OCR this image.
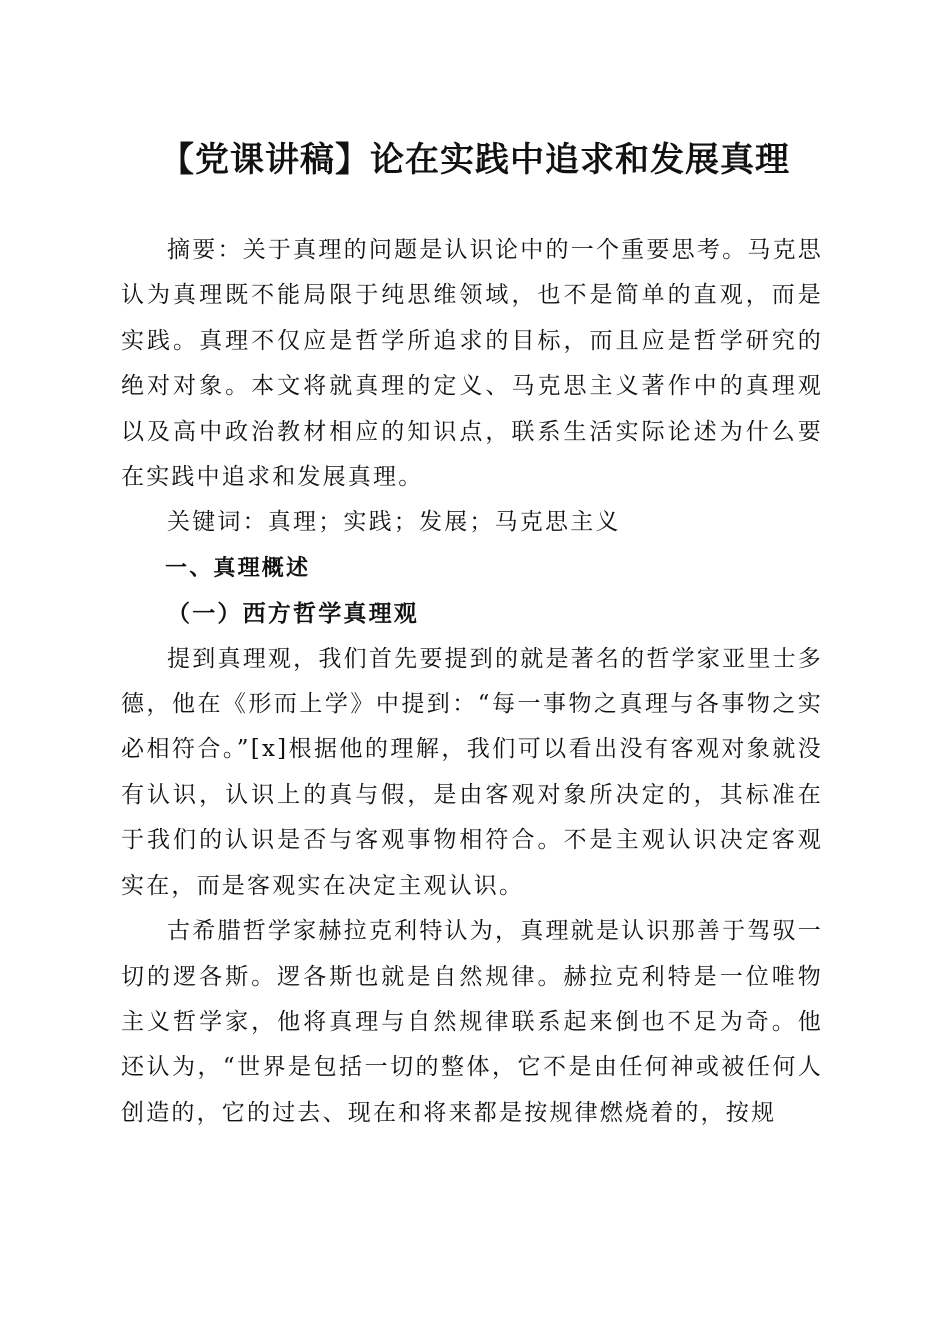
【党课讲稿】论在实践中追求和发展真理

摘要：关于真理的问题是认识论中的一个重要思考。马克思认为真理既不能局限于纯思维领域，也不是简单的直观，而是实践。真理不仅应是哲学所追求的目标，而且应是哲学研究的绝对对象。本文将就真理的定义、马克思主义著作中的真理观以及高中政治教材相应的知识点，联系生活实际论述为什么要在实践中追求和发展真理。

关键词：真理；实践；发展；马克思主义

一、真理概述

（一）西方哲学真理观

提到真理观，我们首先要提到的就是著名的哲学家亚里士多德，他在《形而上学》中提到：“每一事物之真理与各事物之实必相符合。”[x]根据他的理解，我们可以看出没有客观对象就没有认识，认识上的真与假，是由客观对象所决定的，其标准在于我们的认识是否与客观事物相符合。不是主观认识决定客观实在，而是客观实在决定主观认识。

古希腊哲学家赫拉克利特认为，真理就是认识那善于驾驭一切的逻各斯。逻各斯也就是自然规律。赫拉克利特是一位唯物主义哲学家，他将真理与自然规律联系起来倒也不足为奇。他还认为，“世界是包括一切的整体，它不是由任何神或被任何人创造的，它的过去、现在和将来都是按规律燃烧着的，按规
